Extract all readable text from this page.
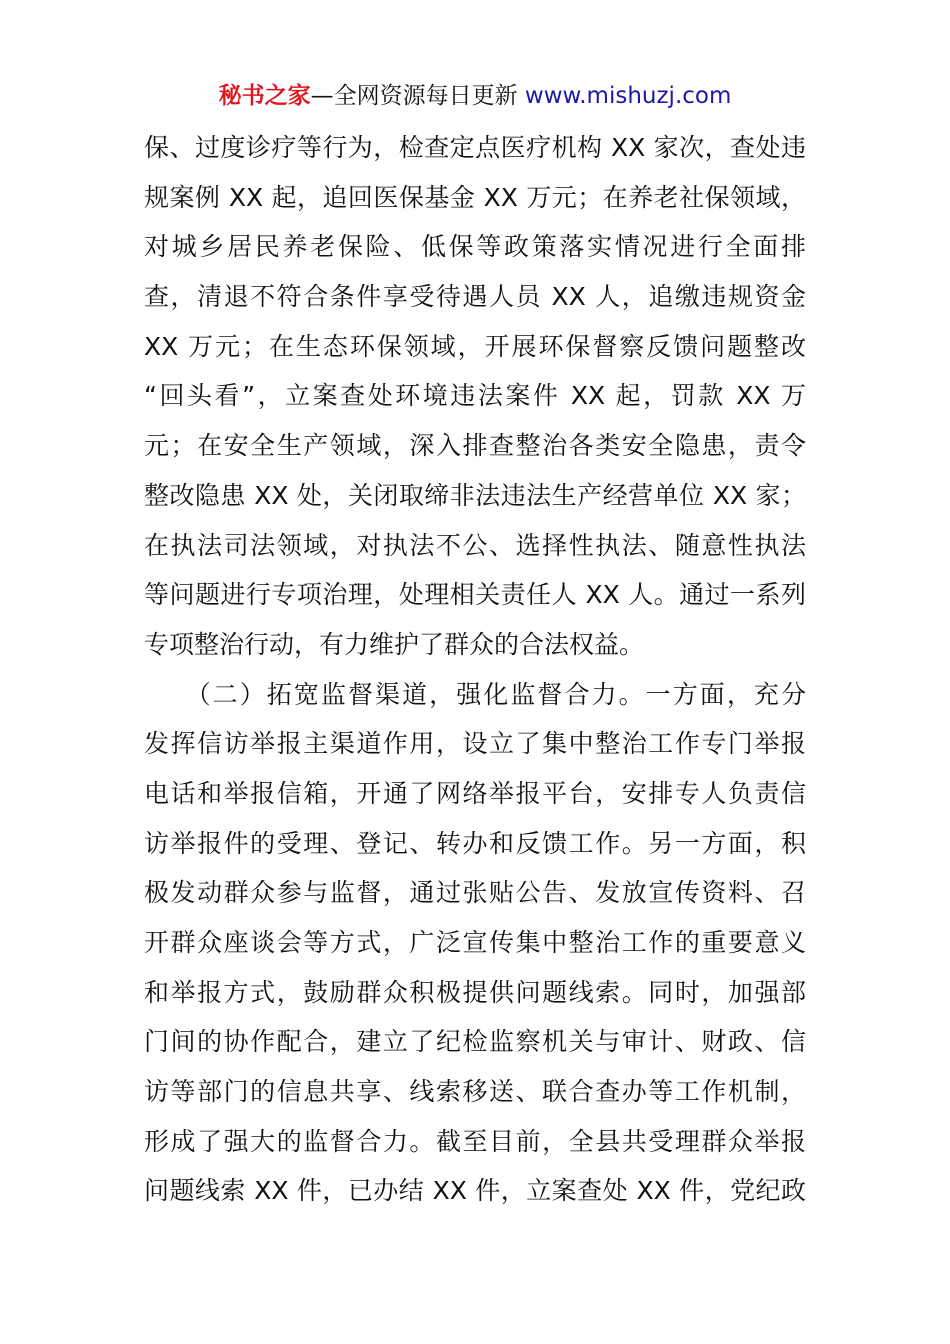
秘书之家—全网资源每日更新 www.mishuzj.com
保、过度诊疗等行为，检查定点医疗机构 XX 家次，查处违
规案例 XX 起，追回医保基金 XX 万元；在养老社保领域，
对城乡居民养老保险、低保等政策落实情况进行全面排
查，清退不符合条件享受待遇人员 XX 人，追缴违规资金
XX 万元；在生态环保领域，开展环保督察反馈问题整改
“回头看”，立案查处环境违法案件 XX 起，罚款 XX 万
元；在安全生产领域，深入排查整治各类安全隐患，责令
整改隐患 XX 处，关闭取缔非法违法生产经营单位 XX 家；
在执法司法领域，对执法不公、选择性执法、随意性执法
等问题进行专项治理，处理相关责任人 XX 人。通过一系列
专项整治行动，有力维护了群众的合法权益。
　　（二）拓宽监督渠道，强化监督合力。一方面，充分
发挥信访举报主渠道作用，设立了集中整治工作专门举报
电话和举报信箱，开通了网络举报平台，安排专人负责信
访举报件的受理、登记、转办和反馈工作。另一方面，积
极发动群众参与监督，通过张贴公告、发放宣传资料、召
开群众座谈会等方式，广泛宣传集中整治工作的重要意义
和举报方式，鼓励群众积极提供问题线索。同时，加强部
门间的协作配合，建立了纪检监察机关与审计、财政、信
访等部门的信息共享、线索移送、联合查办等工作机制，
形成了强大的监督合力。截至目前，全县共受理群众举报
问题线索 XX 件，已办结 XX 件，立案查处 XX 件，党纪政
